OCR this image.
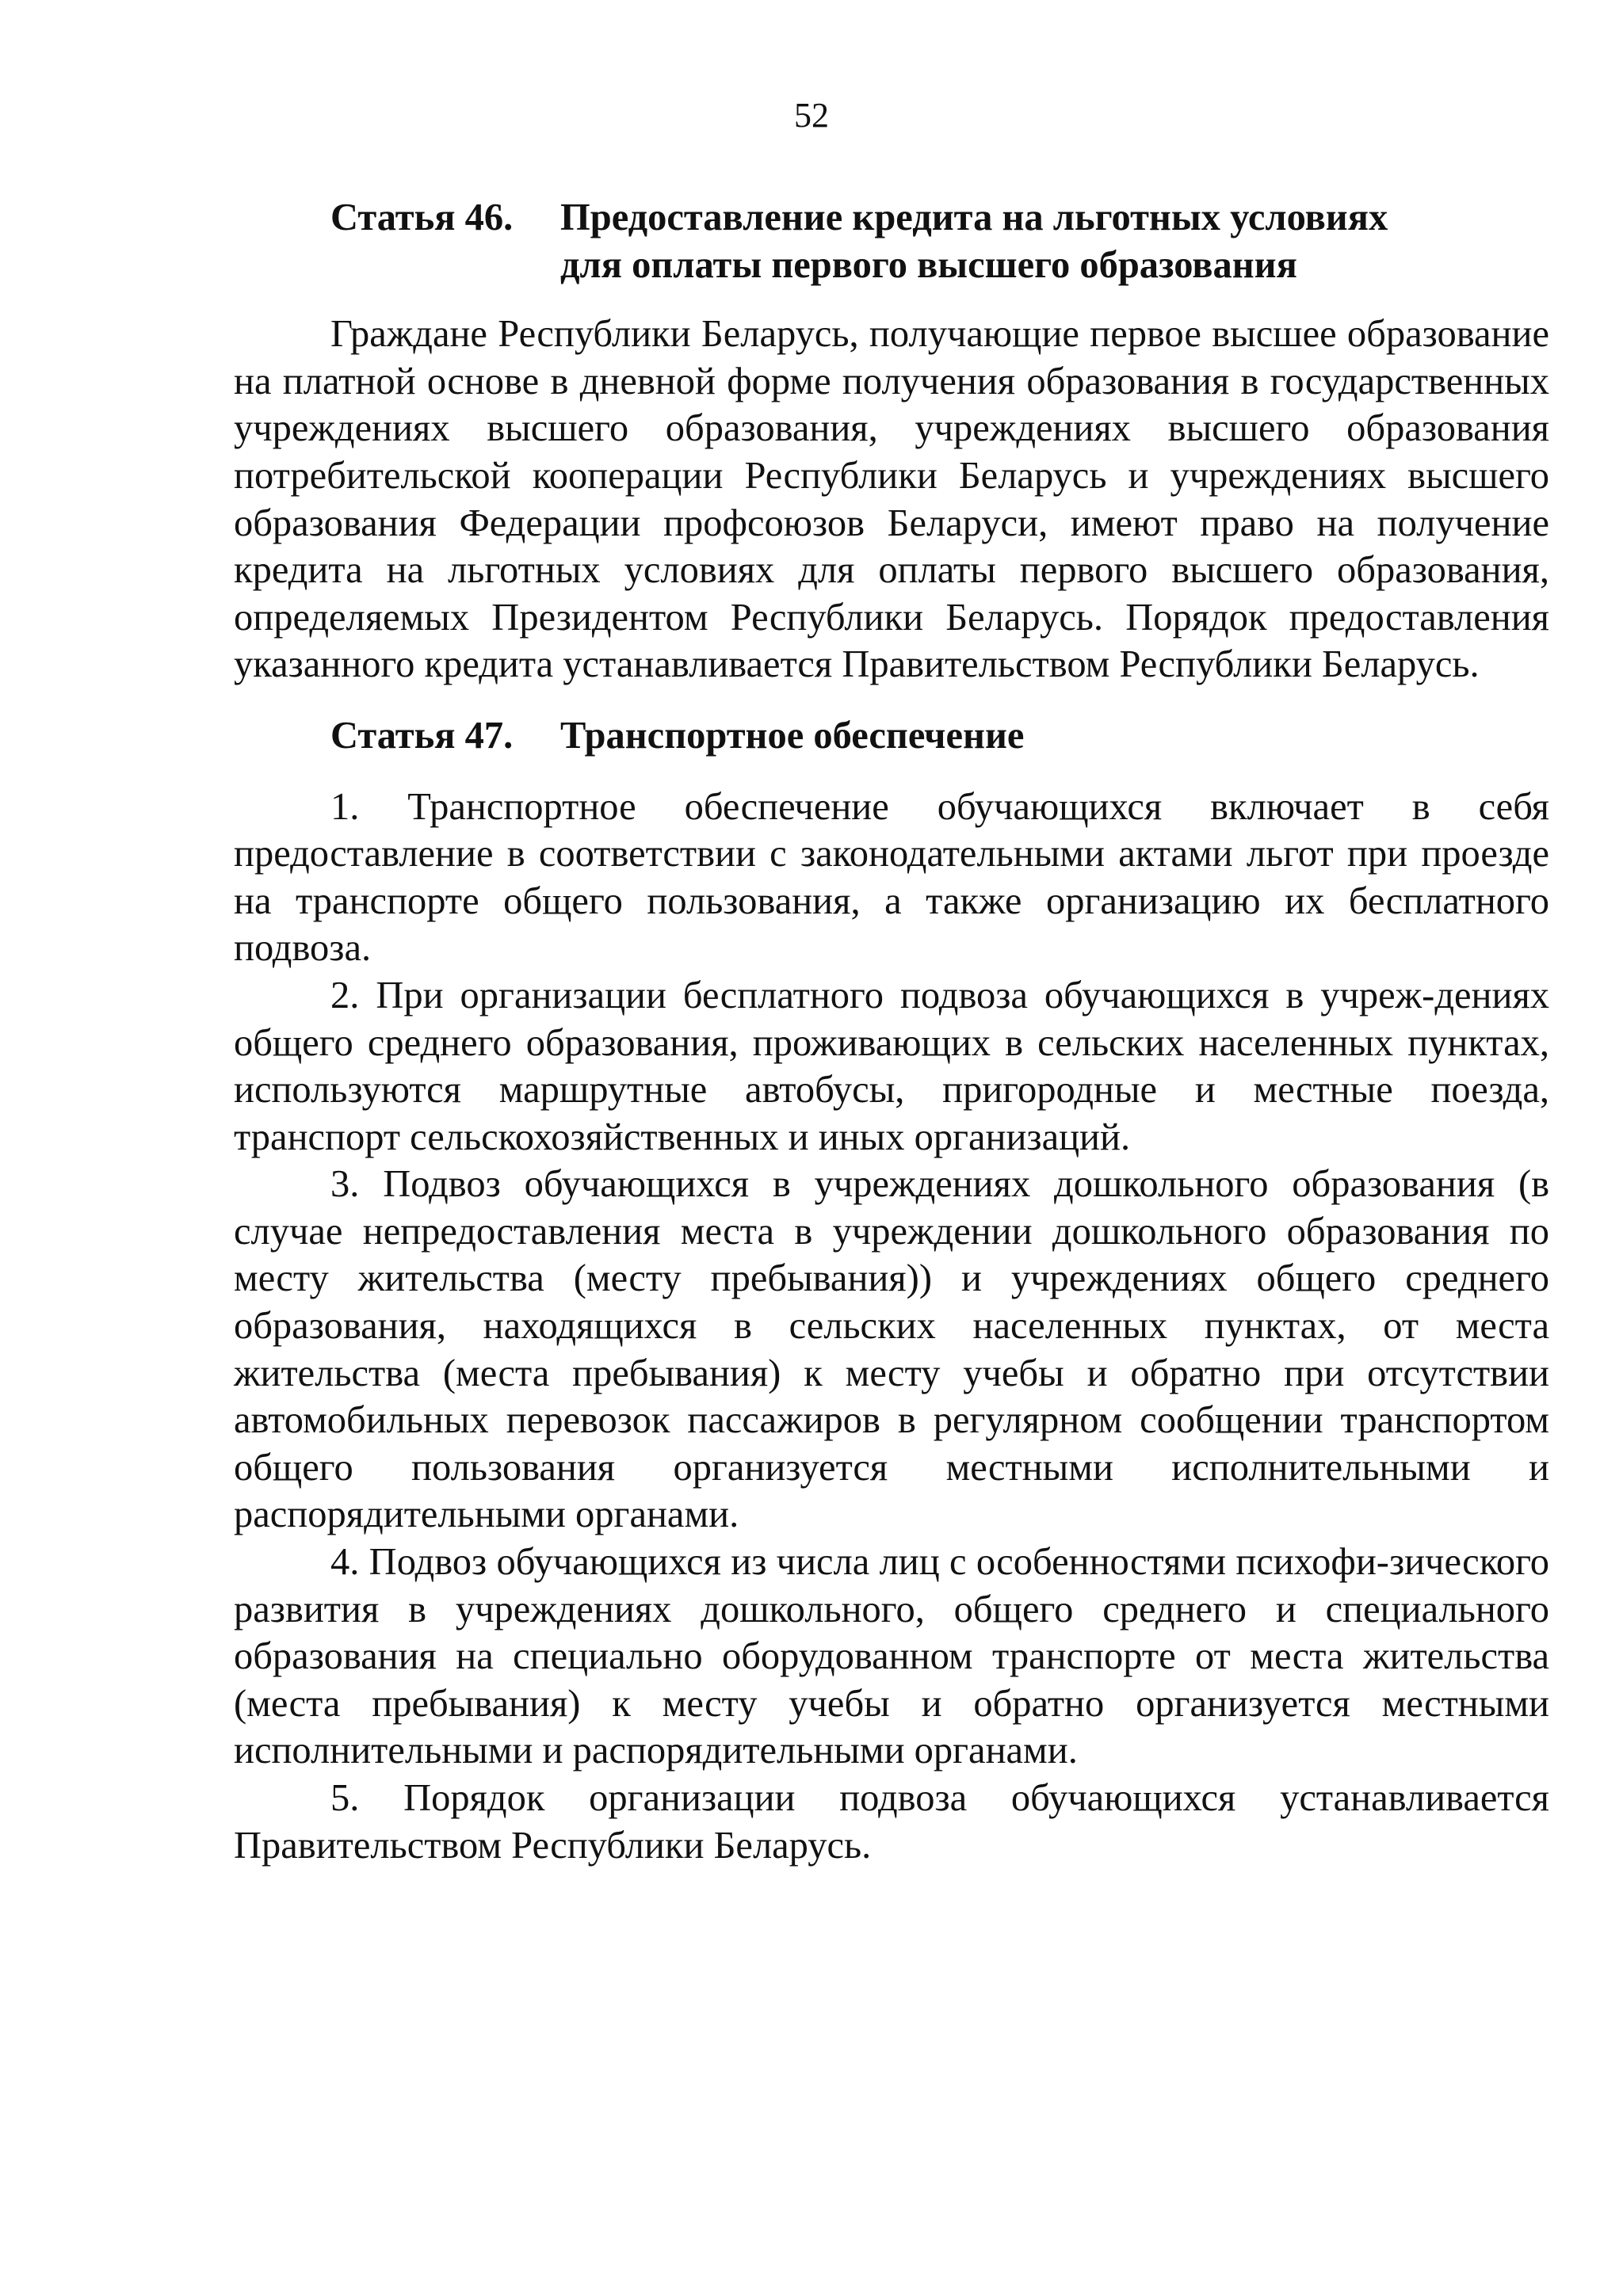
52
Статья 46. Предоставление кредита на льготных условиях
для оплаты первого высшего образования

Граждане Республики Беларусь, получающие первое высшее образование на платной основе в дневной форме получения образования в государственных учреждениях высшего образования, учреждениях высшего образования потребительской кооперации Республики Беларусь и учреждениях высшего образования Федерации профсоюзов Беларуси, имеют право на получение кредита на льготных условиях для оплаты первого высшего образования, определяемых Президентом Республики Беларусь. Порядок предоставления указанного кредита устанавливается Правительством Республики Беларусь.

Статья 47. Транспортное обеспечение

1. Транспортное обеспечение обучающихся включает в себя предоставление в соответствии с законодательными актами льгот при проезде на транспорте общего пользования, а также организацию их бесплатного подвоза.

2. При организации бесплатного подвоза обучающихся в учреж-дениях общего среднего образования, проживающих в сельских населенных пунктах, используются маршрутные автобусы, пригородные и местные поезда, транспорт сельскохозяйственных и иных организаций.

3. Подвоз обучающихся в учреждениях дошкольного образования (в случае непредоставления места в учреждении дошкольного образования по месту жительства (месту пребывания)) и учреждениях общего среднего образования, находящихся в сельских населенных пунктах, от места жительства (места пребывания) к месту учебы и обратно при отсутствии автомобильных перевозок пассажиров в регулярном сообщении транспортом общего пользования организуется местными исполнительными и распорядительными органами.

4. Подвоз обучающихся из числа лиц с особенностями психофи-зического развития в учреждениях дошкольного, общего среднего и специального образования на специально оборудованном транспорте от места жительства (места пребывания) к месту учебы и обратно организуется местными исполнительными и распорядительными органами.

5. Порядок организации подвоза обучающихся устанавливается Правительством Республики Беларусь.
